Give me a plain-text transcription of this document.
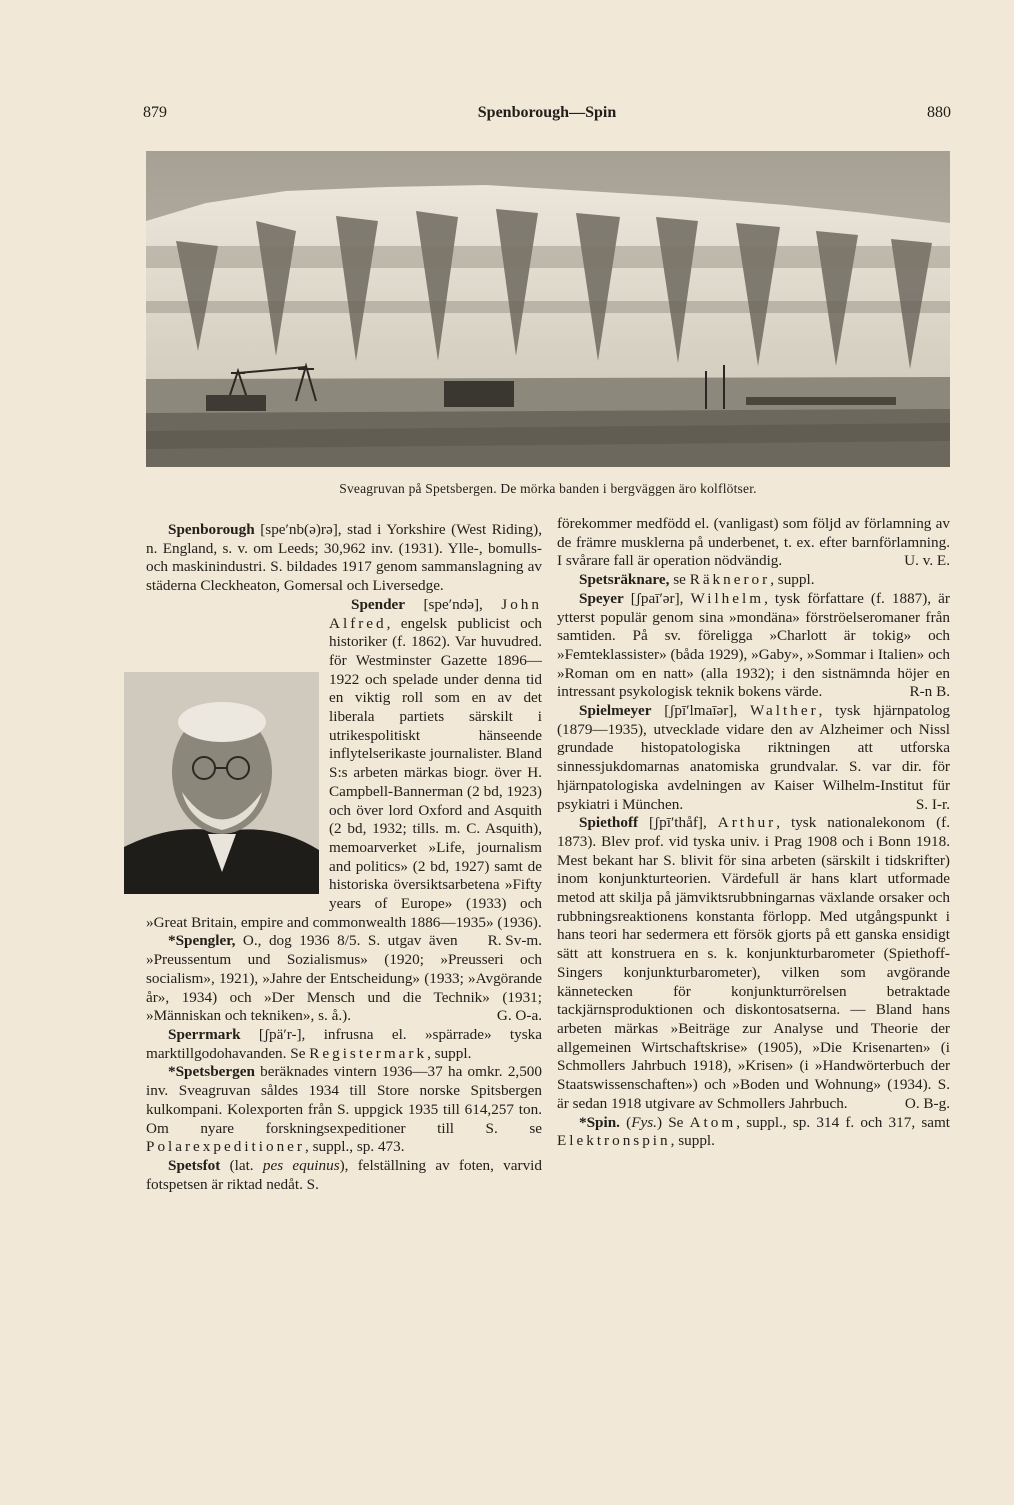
879	Spenborough—Spin	880
Sveagruvan på Spetsbergen. De mörka banden i bergväggen äro kolflötser.

Spenborough [spe′nb(ə)rə], stad i Yorkshire (West Riding), n. England, s. v. om Leeds; 30,962 inv. (1931). Ylle-, bomulls- och maskinindustri. S. bildades 1917 genom sammanslagning av städerna Cleckheaton, Gomersal och Liversedge.

Spender [spe′ndə], John Alfred, engelsk publicist och historiker (f. 1862). Var huvudred. för Westminster Gazette 1896—1922 och spelade under denna tid en viktig roll som en av det liberala partiets särskilt i utrikespolitiskt hänseende inflytelserikaste journalister. Bland S:s arbeten märkas biogr. över H. Campbell-Bannerman (2 bd, 1923) och över lord Oxford and Asquith (2 bd, 1932; tills. m. C. Asquith), memoarverket »Life, journalism and politics» (2 bd, 1927) samt de historiska översiktsarbetena »Fifty years of Europe» (1933) och »Great Britain, empire and commonwealth 1886—1935» (1936).
R. Sv-m.

*Spengler, O., dog 1936 8/5. S. utgav även »Preussentum und Sozialismus» (1920; »Preusseri och socialism», 1921), »Jahre der Entscheidung» (1933; »Avgörande år», 1934) och »Der Mensch und die Technik» (1931; »Människan och tekniken», s. å.).	G. O-a.

Sperrmark [ʃpä′r-], infrusna el. »spärrade» tyska marktillgodohavanden. Se Registermark, suppl.

*Spetsbergen beräknades vintern 1936—37 ha omkr. 2,500 inv. Sveagruvan såldes 1934 till Store norske Spitsbergen kulkompani. Kolexporten från S. uppgick 1935 till 614,257 ton. Om nyare forskningsexpeditioner till S. se Polarexpeditioner, suppl., sp. 473.

Spetsfot (lat. pes equinus), felställning av foten, varvid fotspetsen är riktad nedåt. S.

förekommer medfödd el. (vanligast) som följd av förlamning av de främre musklerna på underbenet, t. ex. efter barnförlamning. I svårare fall är operation nödvändig.	U. v. E.

Spetsräknare, se Räkneror, suppl.

Speyer [ʃpaī′ər], Wilhelm, tysk författare (f. 1887), är ytterst populär genom sina »mondäna» förströelseromaner från samtiden. På sv. föreligga »Charlott är tokig» och »Femteklassister» (båda 1929), »Gaby», »Sommar i Italien» och »Roman om en natt» (alla 1932); i den sistnämnda höjer en intressant psykologisk teknik bokens värde.	R-n B.

Spielmeyer [ʃpī′lmaīər], Walther, tysk hjärnpatolog (1879—1935), utvecklade vidare den av Alzheimer och Nissl grundade histopatologiska riktningen att utforska sinnessjukdomarnas anatomiska grundvalar. S. var dir. för hjärnpatologiska avdelningen av Kaiser Wilhelm-Institut für psykiatri i München.	S. I-r.

Spiethoff [ʃpī′thåf], Arthur, tysk nationalekonom (f. 1873). Blev prof. vid tyska univ. i Prag 1908 och i Bonn 1918. Mest bekant har S. blivit för sina arbeten (särskilt i tidskrifter) inom konjunkturteorien. Värdefull är hans klart utformade metod att skilja på jämviktsrubbningarnas växlande orsaker och rubbningsreaktionens konstanta förlopp. Med utgångspunkt i hans teori har sedermera ett försök gjorts på ett ganska ensidigt sätt att konstruera en s. k. konjunkturbarometer (Spiethoff-Singers konjunkturbarometer), vilken som avgörande kännetecken för konjunkturrörelsen betraktade tackjärnsproduktionen och diskontosatserna. — Bland hans arbeten märkas »Beiträge zur Analyse und Theorie der allgemeinen Wirtschaftskrise» (1905), »Die Krisenarten» (i Schmollers Jahrbuch 1918), »Krisen» (i »Handwörterbuch der Staatswissenschaften») och »Boden und Wohnung» (1934). S. är sedan 1918 utgivare av Schmollers Jahrbuch.	O. B-g.

*Spin. (Fys.) Se Atom, suppl., sp. 314 f. och 317, samt Elektronspin, suppl.
